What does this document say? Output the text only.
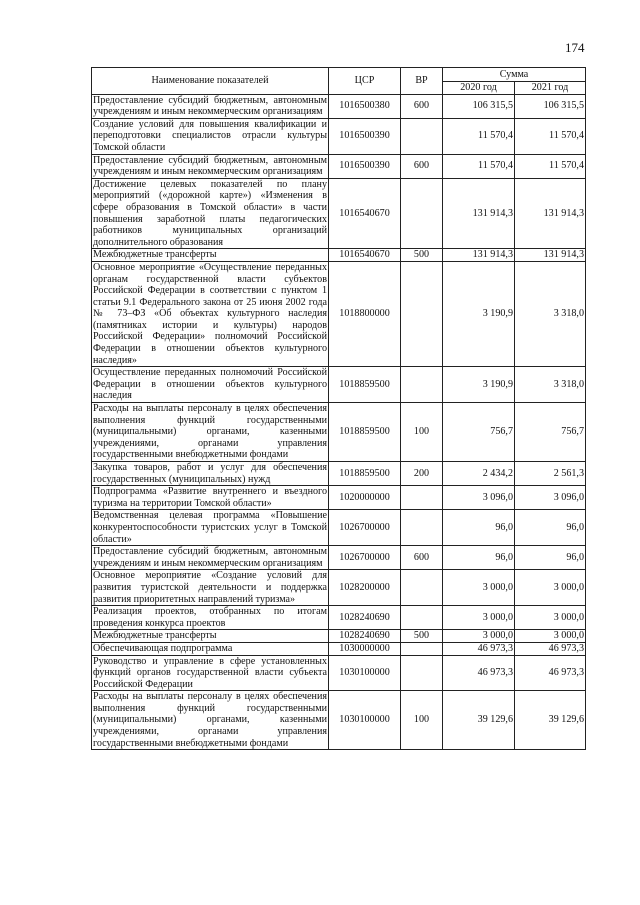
174
Наименование показателей	ЦСР	ВР	Сумма	
			2020 год	2021 год
Предоставление субсидий бюджетным, автономным учреждениям и иным некоммерческим организациям	1016500380	600	106 315,5	106 315,5
Создание условий для повышения квалификации и переподготовки специалистов отрасли культуры Томской области	1016500390		11 570,4	11 570,4
Предоставление субсидий бюджетным, автономным учреждениям и иным некоммерческим организациям	1016500390	600	11 570,4	11 570,4
Достижение целевых показателей по плану мероприятий («дорожной карте») «Изменения в сфере образования в Томской области» в части повышения заработной платы педагогических работников муниципальных организаций дополнительного образования	1016540670		131 914,3	131 914,3
Межбюджетные трансферты	1016540670	500	131 914,3	131 914,3
Основное мероприятие «Осуществление переданных органам государственной власти субъектов Российской Федерации в соответствии с пунктом 1 статьи 9.1 Федерального закона от 25 июня 2002 года № 73–ФЗ «Об объектах культурного наследия (памятниках истории и культуры) народов Российской Федерации» полномочий Российской Федерации в отношении объектов культурного наследия»	1018800000		3 190,9	3 318,0
Осуществление переданных полномочий Российской Федерации в отношении объектов культурного наследия	1018859500		3 190,9	3 318,0
Расходы на выплаты персоналу в целях обеспечения выполнения функций государственными (муниципальными) органами, казенными учреждениями, органами управления государственными внебюджетными фондами	1018859500	100	756,7	756,7
Закупка товаров, работ и услуг для обеспечения государственных (муниципальных) нужд	1018859500	200	2 434,2	2 561,3
Подпрограмма «Развитие внутреннего и въездного туризма на территории Томской области»	1020000000		3 096,0	3 096,0
Ведомственная целевая программа «Повышение конкурентоспособности туристских услуг в Томской области»	1026700000		96,0	96,0
Предоставление субсидий бюджетным, автономным учреждениям и иным некоммерческим организациям	1026700000	600	96,0	96,0
Основное мероприятие «Создание условий для развития туристской деятельности и поддержка развития приоритетных направлений туризма»	1028200000		3 000,0	3 000,0
Реализация проектов, отобранных по итогам проведения конкурса проектов	1028240690		3 000,0	3 000,0
Межбюджетные трансферты	1028240690	500	3 000,0	3 000,0
Обеспечивающая подпрограмма	1030000000		46 973,3	46 973,3
Руководство и управление в сфере установленных функций органов государственной власти субъекта Российской Федерации	1030100000		46 973,3	46 973,3
Расходы на выплаты персоналу в целях обеспечения выполнения функций государственными (муниципальными) органами, казенными учреждениями, органами управления государственными внебюджетными фондами	1030100000	100	39 129,6	39 129,6
